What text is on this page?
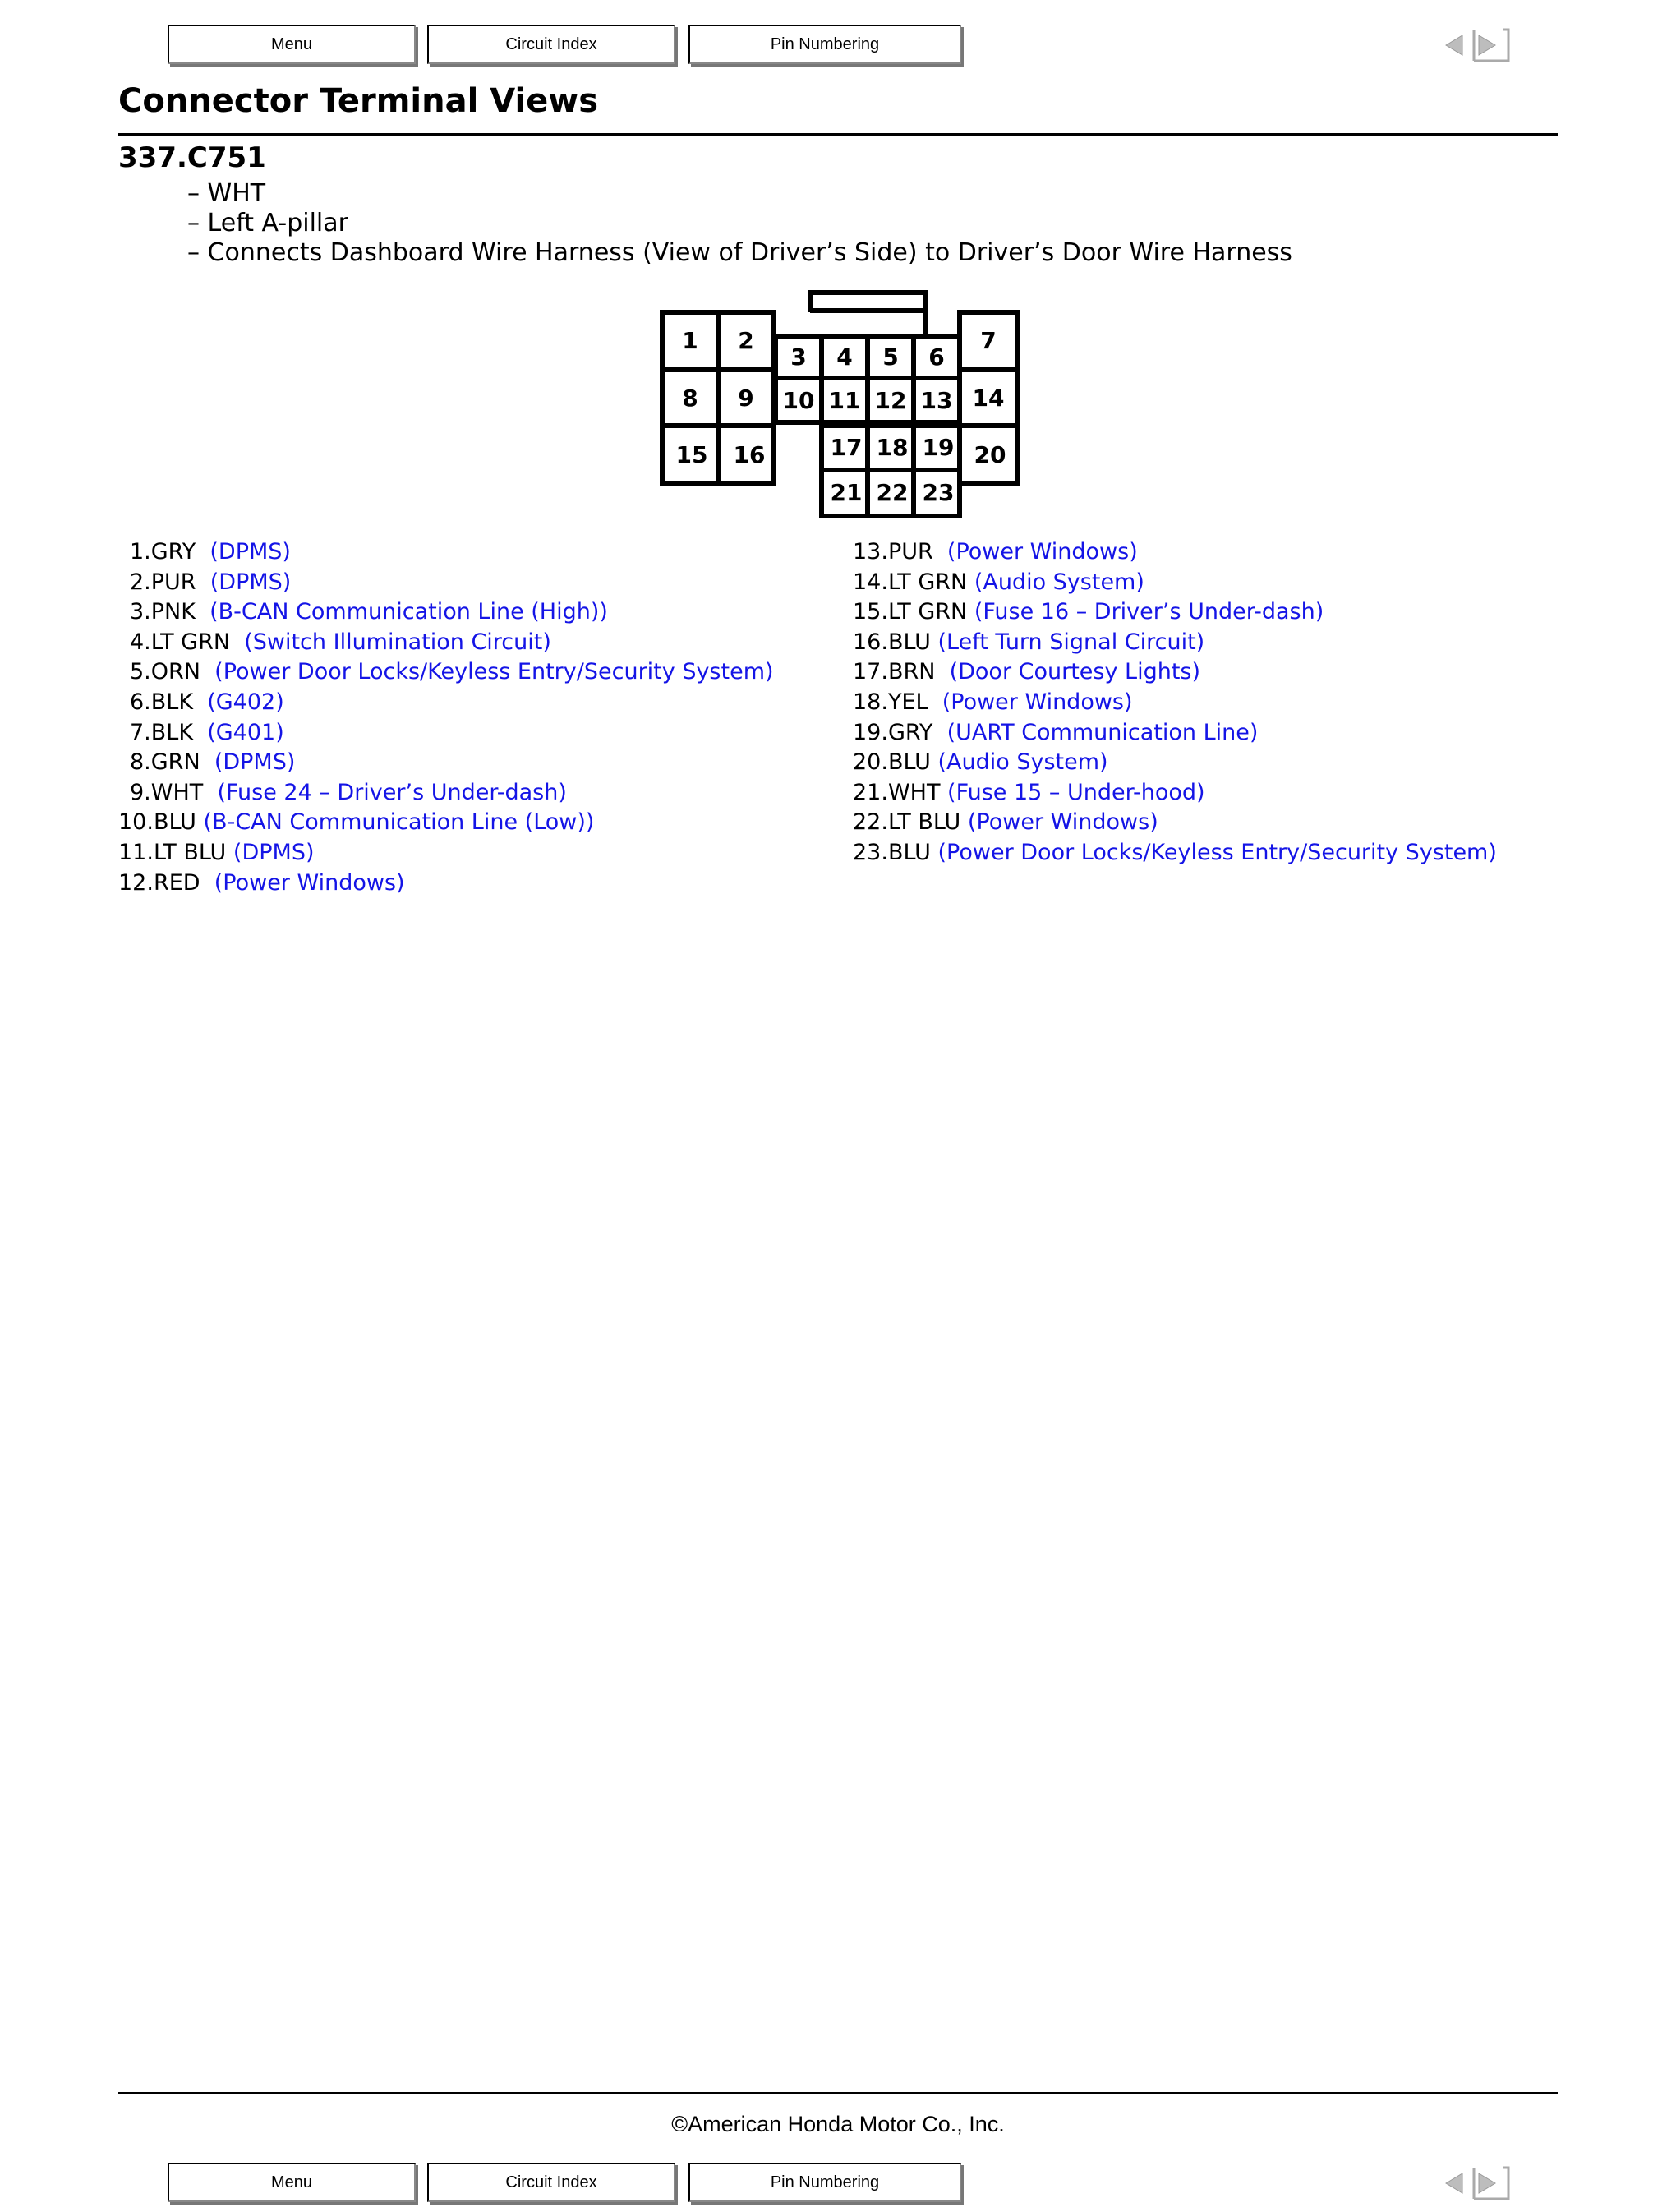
Menu	Circuit Index	Pin Numbering
Connector Terminal Views
337.C751
– WHT
– Left A-pillar
– Connects Dashboard Wire Harness (View of Driver’s Side) to Driver’s Door Wire Harness
1 2
3 4 5 6
7
8 9 10 11 12 13 14
15 16	17 18 19 20
21 22 23
1.GRY (DPMS)
2.PUR (DPMS)
3.PNK (B-CAN Communication Line (High))
4.LT GRN (Switch Illumination Circuit)
5.ORN (Power Door Locks/Keyless Entry/Security System)
6.BLK (G402)
7.BLK (G401)
8.GRN (DPMS)
9.WHT (Fuse 24 – Driver’s Under-dash)
10.BLU (B-CAN Communication Line (Low))
11.LT BLU (DPMS)
12.RED (Power Windows)
13.PUR (Power Windows)
14.LT GRN (Audio System)
15.LT GRN (Fuse 16 – Driver’s Under-dash)
16.BLU (Left Turn Signal Circuit)
17.BRN (Door Courtesy Lights)
18.YEL (Power Windows)
19.GRY (UART Communication Line)
20.BLU (Audio System)
21.WHT (Fuse 15 – Under-hood)
22.LT BLU (Power Windows)
23.BLU (Power Door Locks/Keyless Entry/Security System)
©American Honda Motor Co., Inc.
Menu	Circuit Index	Pin Numbering
